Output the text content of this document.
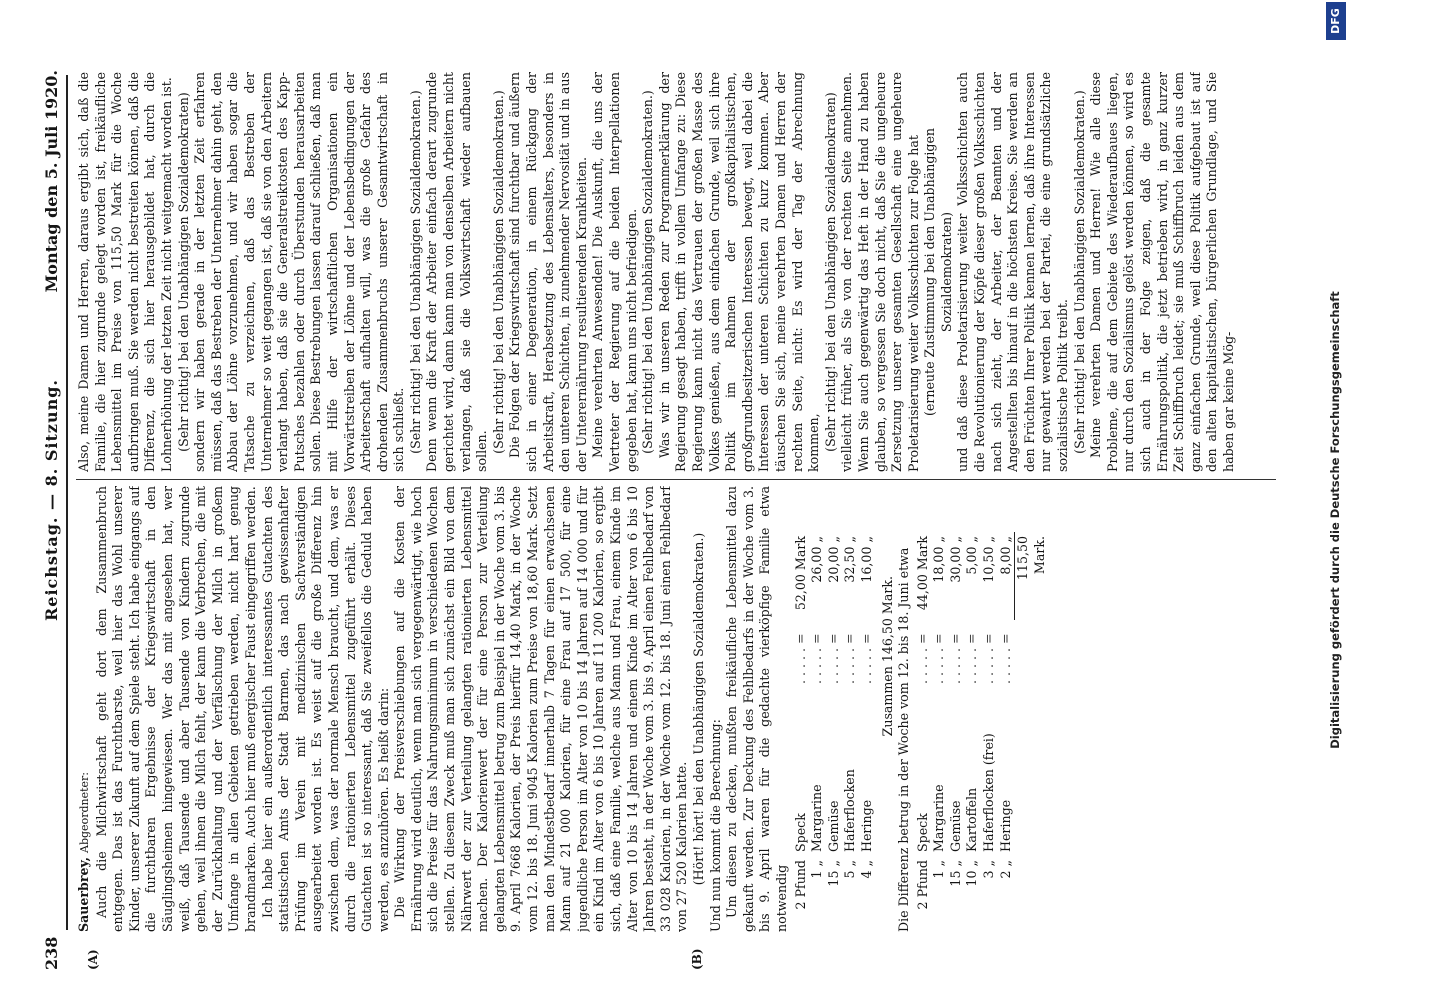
238
Reichstag. — 8. Sitzung.
Montag den 5. Juli 1920.
(A)	(B)

Sauerbrey, Abgeordneter: Auch die Milchwirtschaft geht dort dem Zusammenbruch entgegen. Das ist das Furchtbarste, weil hier das Wohl unserer Kinder, unserer Zukunft auf dem Spiele steht. Ich habe eingangs auf die furchtbaren Ergebnisse der Kriegswirtschaft in den Säuglingsheimen hingewiesen. Wer das mit angesehen hat, wer weiß, daß Tausende und aber Tausende von Kindern zugrunde gehen, weil ihnen die Milch fehlt, der kann die Verbrechen, die mit der Zurückhaltung und der Verfälschung der Milch in großem Umfange in allen Gebieten getrieben werden, nicht hart genug brandmarken. Auch hier muß energischer Faust eingegriffen werden. Ich habe hier ein außerordentlich interessantes Gutachten des statistischen Amts der Stadt Barmen, das nach gewissenhafter Prüfung im Verein mit medizinischen Sachverständigen ausgearbeitet worden ist. Es weist auf die große Differenz hin zwischen dem, was der normale Mensch braucht, und dem, was er durch die rationierten Lebensmittel zugeführt erhält. Dieses Gutachten ist so interessant, daß Sie zweifellos die Geduld haben werden, es anzuhören. Es heißt darin: Die Wirkung der Preisverschiebungen auf die Kosten der Ernährung wird deutlich, wenn man sich vergegenwärtigt, wie hoch sich die Preise für das Nahrungsminimum in verschiedenen Wochen stellen. Zu diesem Zweck muß man sich zunächst ein Bild von dem Nährwert der zur Verteilung gelangten rationierten Lebensmittel machen. Der Kalorienwert der für eine Person zur Verteilung gelangten Lebensmittel betrug zum Beispiel in der Woche vom 3. bis 9. April 7668 Kalorien, der Preis hierfür 14,40 Mark, in der Woche vom 12. bis 18. Juni 9045 Kalorien zum Preise von 18,60 Mark. Setzt man den Mindestbedarf innerhalb 7 Tagen für einen erwachsenen Mann auf 21 000 Kalorien, für eine Frau auf 17 500, für eine jugendliche Person im Alter von 10 bis 14 Jahren auf 14 000 und für ein Kind im Alter von 6 bis 10 Jahren auf 11 200 Kalorien, so ergibt sich, daß eine Familie, welche aus Mann und Frau, einem Kinde im Alter von 10 bis 14 Jahren und einem Kinde im Alter von 6 bis 10 Jahren besteht, in der Woche vom 3. bis 9. April einen Fehlbedarf von 33 028 Kalorien, in der Woche vom 12. bis 18. Juni einen Fehlbedarf von 27 520 Kalorien hatte. (Hört! hört! bei den Unabhängigen Sozialdemokraten.) Und nun kommt die Berechnung: Um diesen zu decken, mußten freikäufliche Lebensmittel dazu gekauft werden. Zur Deckung des Fehlbedarfs in der Woche vom 3. bis 9. April waren für die gedachte vierköpfige Familie etwa notwendig 2 Pfund	Speck	. . . . . =	52,00 Mark
1 „	Margarine	. . . . . =	26,00 „
15 „	Gemüse	. . . . . =	20,00 „
5 „	Haferflocken	. . . . . =	32,50 „
4 „	Heringe	. . . . . =	16,00 „

Zusammen 146,50 Mark. Die Differenz betrug in der Woche vom 12. bis 18. Juni etwa 2 Pfund	Speck	. . . . . =	44,00 Mark
1 „	Margarine	. . . . . =	18,00 „
15 „	Gemüse	. . . . . =	30,00 „
10 „	Kartoffeln	. . . . . =	5,00 „
3 „	Haferflocken (frei)	. . . . . =	10,50 „
2 „	Heringe	. . . . . =	8,00 „
			115,50 Mark.

Also, meine Damen und Herren, daraus ergibt sich, daß die Familie, die hier zugrunde gelegt worden ist, freikäufliche Lebensmittel im Preise von 115,50 Mark für die Woche aufbringen muß. Sie werden nicht bestreiten können, daß die Differenz, die sich hier herausgebildet hat, durch die Lohnerhöhung der letzten Zeit nicht weitgemacht worden ist. (Sehr richtig! bei den Unabhängigen Sozialdemokraten) sondern wir haben gerade in der letzten Zeit erfahren müssen, daß das Bestreben der Unternehmer dahin geht, den Abbau der Löhne vorzunehmen, und wir haben sogar die Tatsache zu verzeichnen, daß das Bestreben der Unternehmer so weit gegangen ist, daß sie von den Arbeitern verlangt haben, daß sie die Generalstreiktosten des Kapp-Putsches bezahlen oder durch Überstunden herausarbeiten sollen. Diese Bestrebungen lassen darauf schließen, daß man mit Hilfe der wirtschaftlichen Organisationen ein Vorwärtstreiben der Löhne und der Lebensbedingungen der Arbeiterschaft aufhalten will, was die große Gefahr des drohenden Zusammenbruchs unserer Gesamtwirtschaft in sich schließt. (Sehr richtig! bei den Unabhängigen Sozialdemokraten.) Denn wenn die Kraft der Arbeiter einfach derart zugrunde gerichtet wird, dann kann man von denselben Arbeitern nicht verlangen, daß sie die Volkswirtschaft wieder aufbauen sollen. (Sehr richtig! bei den Unabhängigen Sozialdemokraten.) Die Folgen der Kriegswirtschaft sind furchtbar und äußern sich in einer Degeneration, in einem Rückgang der Arbeitskraft, Herabsetzung des Lebensalters, besonders in den unteren Schichten, in zunehmender Nervosität und in aus der Unterernährung resultierenden Krankheiten. Meine verehrten Anwesenden! Die Auskunft, die uns der Vertreter der Regierung auf die beiden Interpellationen gegeben hat, kann uns nicht befriedigen. (Sehr richtig! bei den Unabhängigen Sozialdemokraten.) Was wir in unseren Reden zur Programmerklärung der Regierung gesagt haben, trifft in vollem Umfange zu: Diese Regierung kann nicht das Vertrauen der großen Masse des Volkes genießen, aus dem einfachen Grunde, weil sich ihre Politik im Rahmen der großkapitalistischen, großgrundbesitzerischen Interessen bewegt, weil dabei die Interessen der unteren Schichten zu kurz kommen. Aber täuschen Sie sich, meine verehrten Damen und Herren der rechten Seite, nicht: Es wird der Tag der Abrechnung kommen, (Sehr richtig! bei den Unabhängigen Sozialdemokraten) vielleicht früher, als Sie von der rechten Seite annehmen. Wenn Sie auch gegenwärtig das Heft in der Hand zu haben glauben, so vergessen Sie doch nicht, daß Sie die ungeheure Zersetzung unserer gesamten Gesellschaft eine ungeheure Proletarisierung weiter Volksschichten zur Folge hat (erneute Zustimmung bei den Unabhängigen Sozialdemokraten) und daß diese Proletarisierung weiter Volksschichten auch die Revolutionierung der Köpfe dieser großen Volksschichten nach sich zieht, der Arbeiter, der Beamten und der Angestellten bis hinauf in die höchsten Kreise. Sie werden an den Früchten Ihrer Politik kennen lernen, daß ihre Interessen nur gewahrt werden bei der Partei, die eine grundsätzliche sozialistische Politik treibt. (Sehr richtig! bei den Unabhängigen Sozialdemokraten.) Meine verehrten Damen und Herren! Wie alle diese Probleme, die auf dem Gebiete des Wiederaufbaues liegen, nur durch den Sozialismus gelöst werden können, so wird es sich auch in der Folge zeigen, daß die gesamte Ernährungspolitik, die jetzt betrieben wird, in ganz kurzer Zeit Schiffbruch leidet; sie muß Schiffbruch leiden aus dem ganz einfachen Grunde, weil diese Politik aufgebaut ist auf den alten kapitalistischen, bürgerlichen Grundlage, und Sie haben gar keine Mög-	Digitalisierung gefördert durch die Deutsche Forschungsgemeinschaft
DFG
